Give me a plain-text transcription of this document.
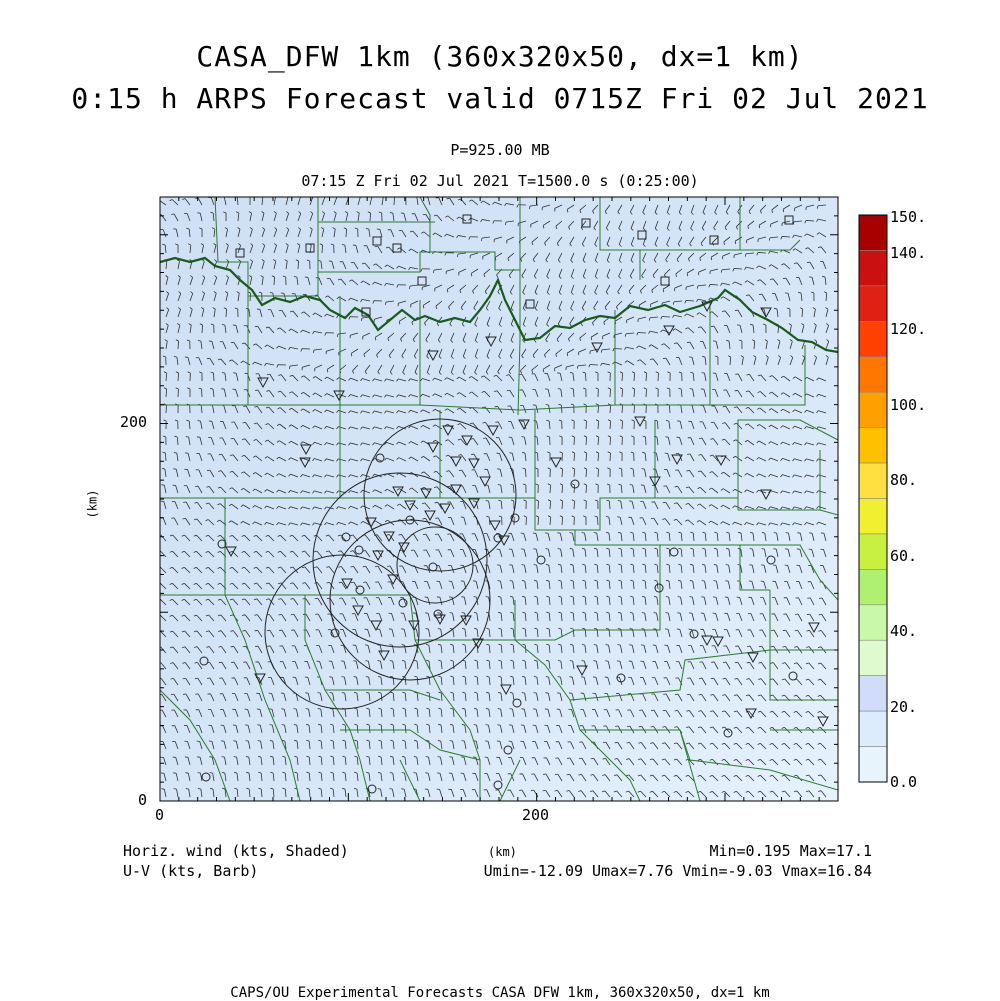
CASA_DFW 1km (360x320x50, dx=1 km)
0:15 h ARPS Forecast valid 0715Z Fri 02 Jul 2021
P=925.00 MB
07:15 Z Fri 02 Jul 2021 T=1500.0 s (0:25:00)
200
0
0	200
(km)
(km)
150.
140.
120.
100.
80.
60.
40.
20.
0.0
Horiz. wind (kts, Shaded)
U-V (kts, Barb)
Min=0.195 Max=17.1
Umin=-12.09 Umax=7.76 Vmin=-9.03 Vmax=16.84
CAPS/OU Experimental Forecasts CASA DFW 1km, 360x320x50, dx=1 km
